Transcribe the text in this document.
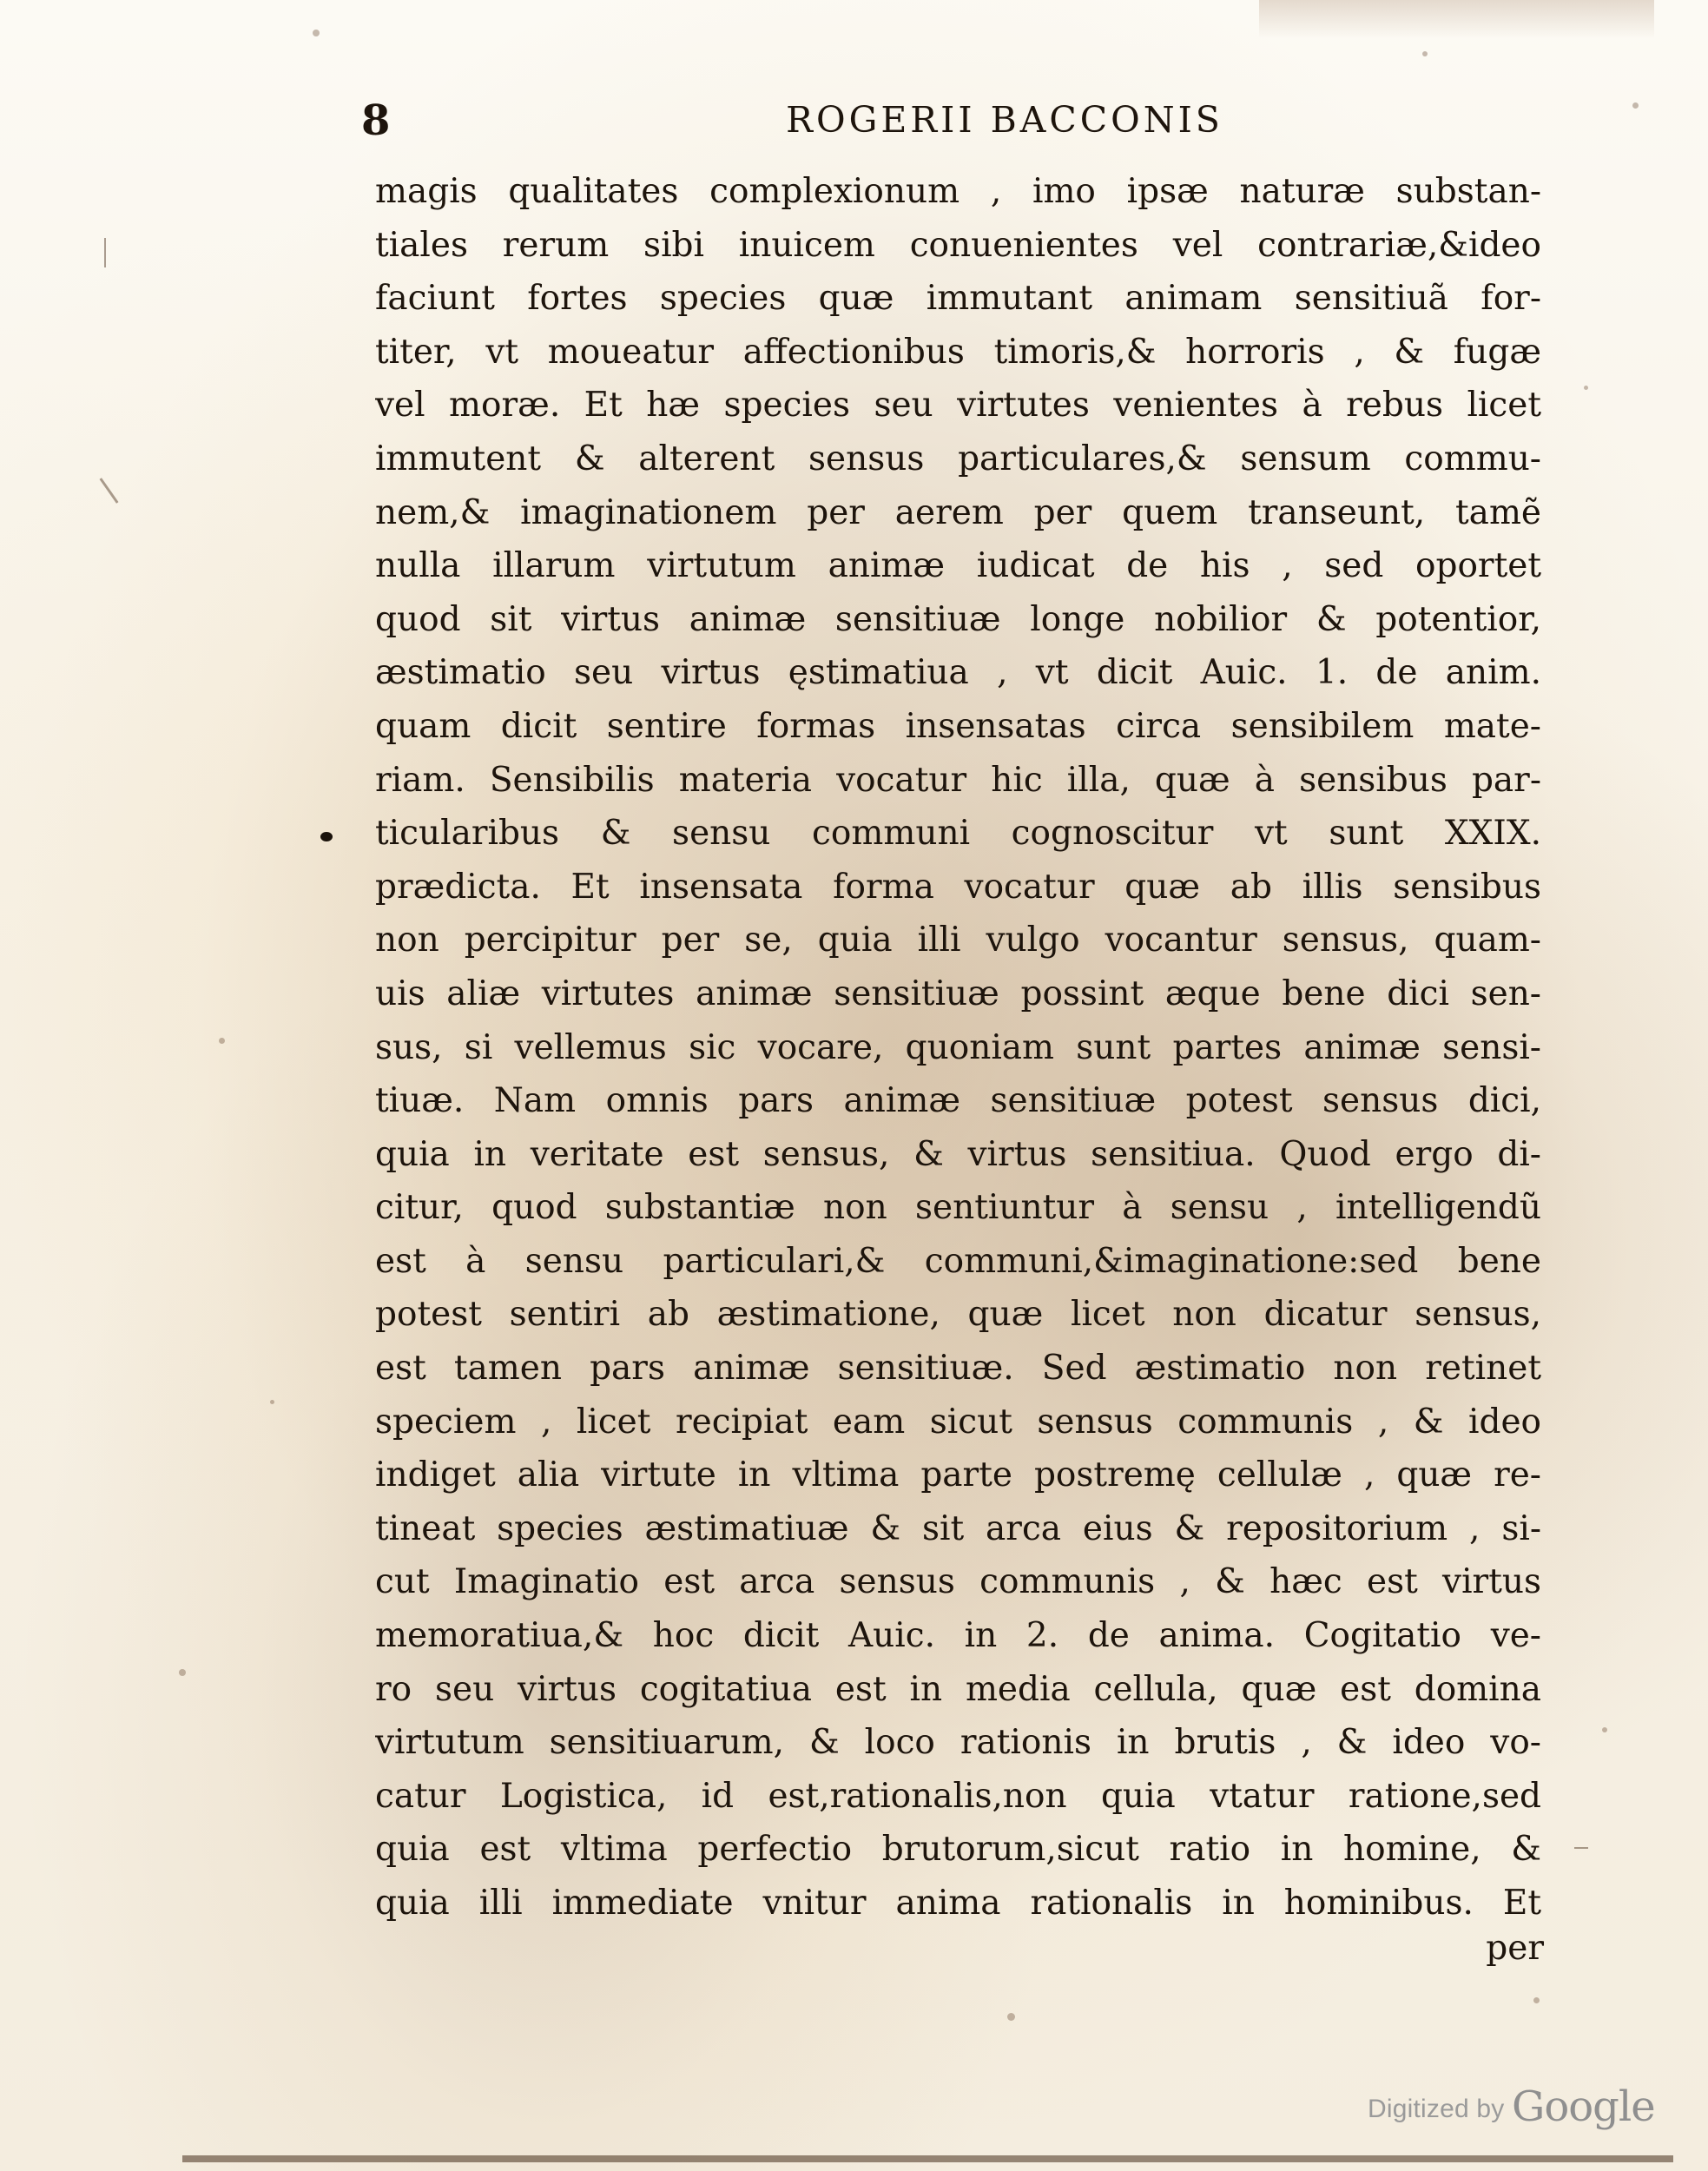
8	ROGERII BACCONIS
magis qualitates complexionum , imo ipsæ naturæ substan-
tiales rerum sibi inuicem conuenientes vel contrariæ,&ideo
faciunt fortes species quæ immutant animam sensitiuã for-
titer, vt moueatur affectionibus timoris,& horroris , & fugæ
vel moræ. Et hæ species seu virtutes venientes à rebus licet
immutent & alterent sensus particulares,& sensum commu-
nem,& imaginationem per aerem per quem transeunt, tamẽ
nulla illarum virtutum animæ iudicat de his , sed oportet
quod sit virtus animæ sensitiuæ longe nobilior & potentior,
æstimatio seu virtus ęstimatiua , vt dicit Auic. 1. de anim.
quam dicit sentire formas insensatas circa sensibilem mate-
riam. Sensibilis materia vocatur hic illa, quæ à sensibus par-
ticularibus & sensu communi cognoscitur vt sunt XXIX.
prædicta. Et insensata forma vocatur quæ ab illis sensibus
non percipitur per se, quia illi vulgo vocantur sensus, quam-
uis aliæ virtutes animæ sensitiuæ possint æque bene dici sen-
sus, si vellemus sic vocare, quoniam sunt partes animæ sensi-
tiuæ. Nam omnis pars animæ sensitiuæ potest sensus dici,
quia in veritate est sensus, & virtus sensitiua. Quod ergo di-
citur, quod substantiæ non sentiuntur à sensu , intelligendũ
est à sensu particulari,& communi,&imaginatione:sed bene
potest sentiri ab æstimatione, quæ licet non dicatur sensus,
est tamen pars animæ sensitiuæ. Sed æstimatio non retinet
speciem , licet recipiat eam sicut sensus communis , & ideo
indiget alia virtute in vltima parte postremę cellulæ , quæ re-
tineat species æstimatiuæ & sit arca eius & repositorium , si-
cut Imaginatio est arca sensus communis , & hæc est virtus
memoratiua,& hoc dicit Auic. in 2. de anima. Cogitatio ve-
ro seu virtus cogitatiua est in media cellula, quæ est domina
virtutum sensitiuarum, & loco rationis in brutis , & ideo vo-
catur Logistica, id est,rationalis,non quia vtatur ratione,sed
quia est vltima perfectio brutorum,sicut ratio in homine, &
quia illi immediate vnitur anima rationalis in hominibus. Et
per
Digitized by Google
